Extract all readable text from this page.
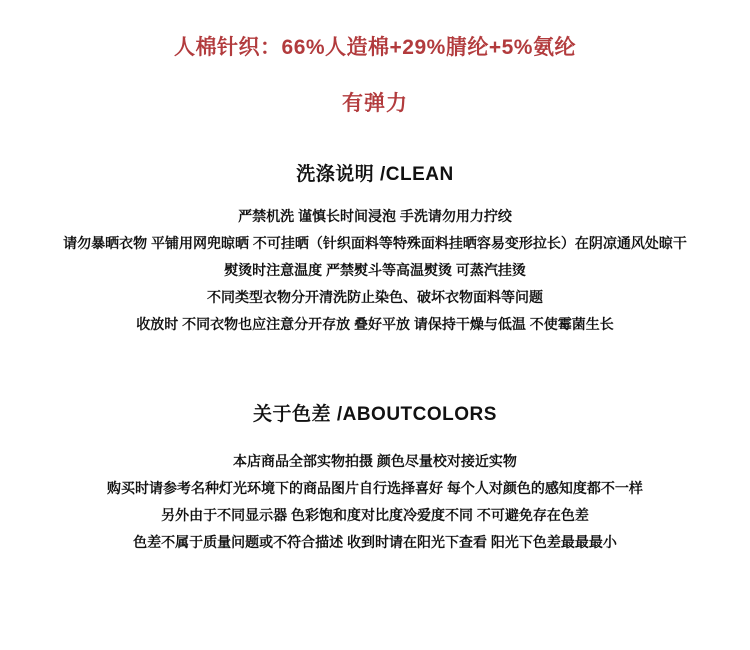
人棉针织：66%人造棉+29%腈纶+5%氨纶
有弹力
洗涤说明 /CLEAN
严禁机洗 谨慎长时间浸泡 手洗请勿用力拧绞
请勿暴晒衣物 平铺用网兜晾晒 不可挂晒（针织面料等特殊面料挂晒容易变形拉长）在阴凉通风处晾干
熨烫时注意温度 严禁熨斗等高温熨烫 可蒸汽挂烫
不同类型衣物分开清洗防止染色、破坏衣物面料等问题
收放时 不同衣物也应注意分开存放 叠好平放 请保持干燥与低温 不使霉菌生长
关于色差 /ABOUTCOLORS
本店商品全部实物拍摄 颜色尽量校对接近实物
购买时请参考名种灯光环境下的商品图片自行选择喜好 每个人对颜色的感知度都不一样
另外由于不同显示器 色彩饱和度对比度冷爱度不同 不可避免存在色差
色差不属于质量问题或不符合描述 收到时请在阳光下查看 阳光下色差最最最小
